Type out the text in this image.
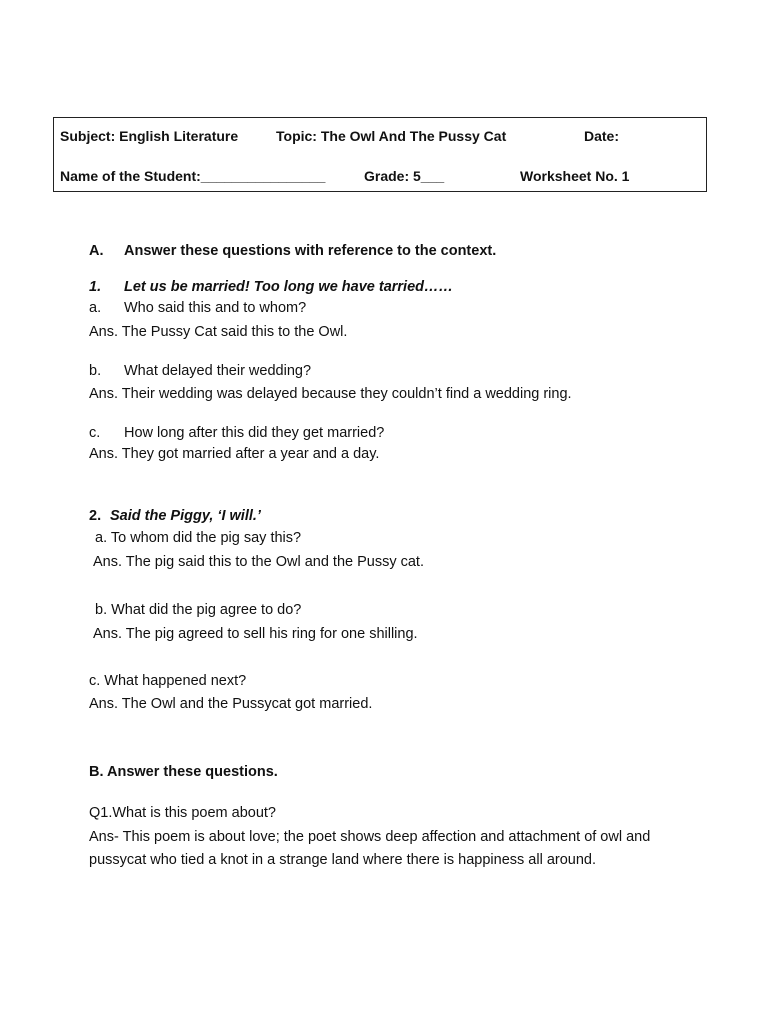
Subject: English Literature	Topic: The Owl And The Pussy Cat	Date:
Name of the Student:________________	Grade: 5___	Worksheet No. 1
A. Answer these questions with reference to the context.
1. Let us be married! Too long we have tarried……
a. Who said this and to whom?
Ans. The Pussy Cat said this to the Owl.
b. What delayed their wedding?
Ans. Their wedding was delayed because they couldn’t find a wedding ring.
c. How long after this did they get married?
Ans. They got married after a year and a day.
2. Said the Piggy, ‘I will.’
a. To whom did the pig say this?
Ans. The pig said this to the Owl and the Pussy cat.
b. What did the pig agree to do?
Ans. The pig agreed to sell his ring for one shilling.
c. What happened next?
Ans. The Owl and the Pussycat got married.
B. Answer these questions.
Q1.What is this poem about?
Ans- This poem is about love; the poet shows deep affection and attachment of owl and
pussycat who tied a knot in a strange land where there is happiness all around.
